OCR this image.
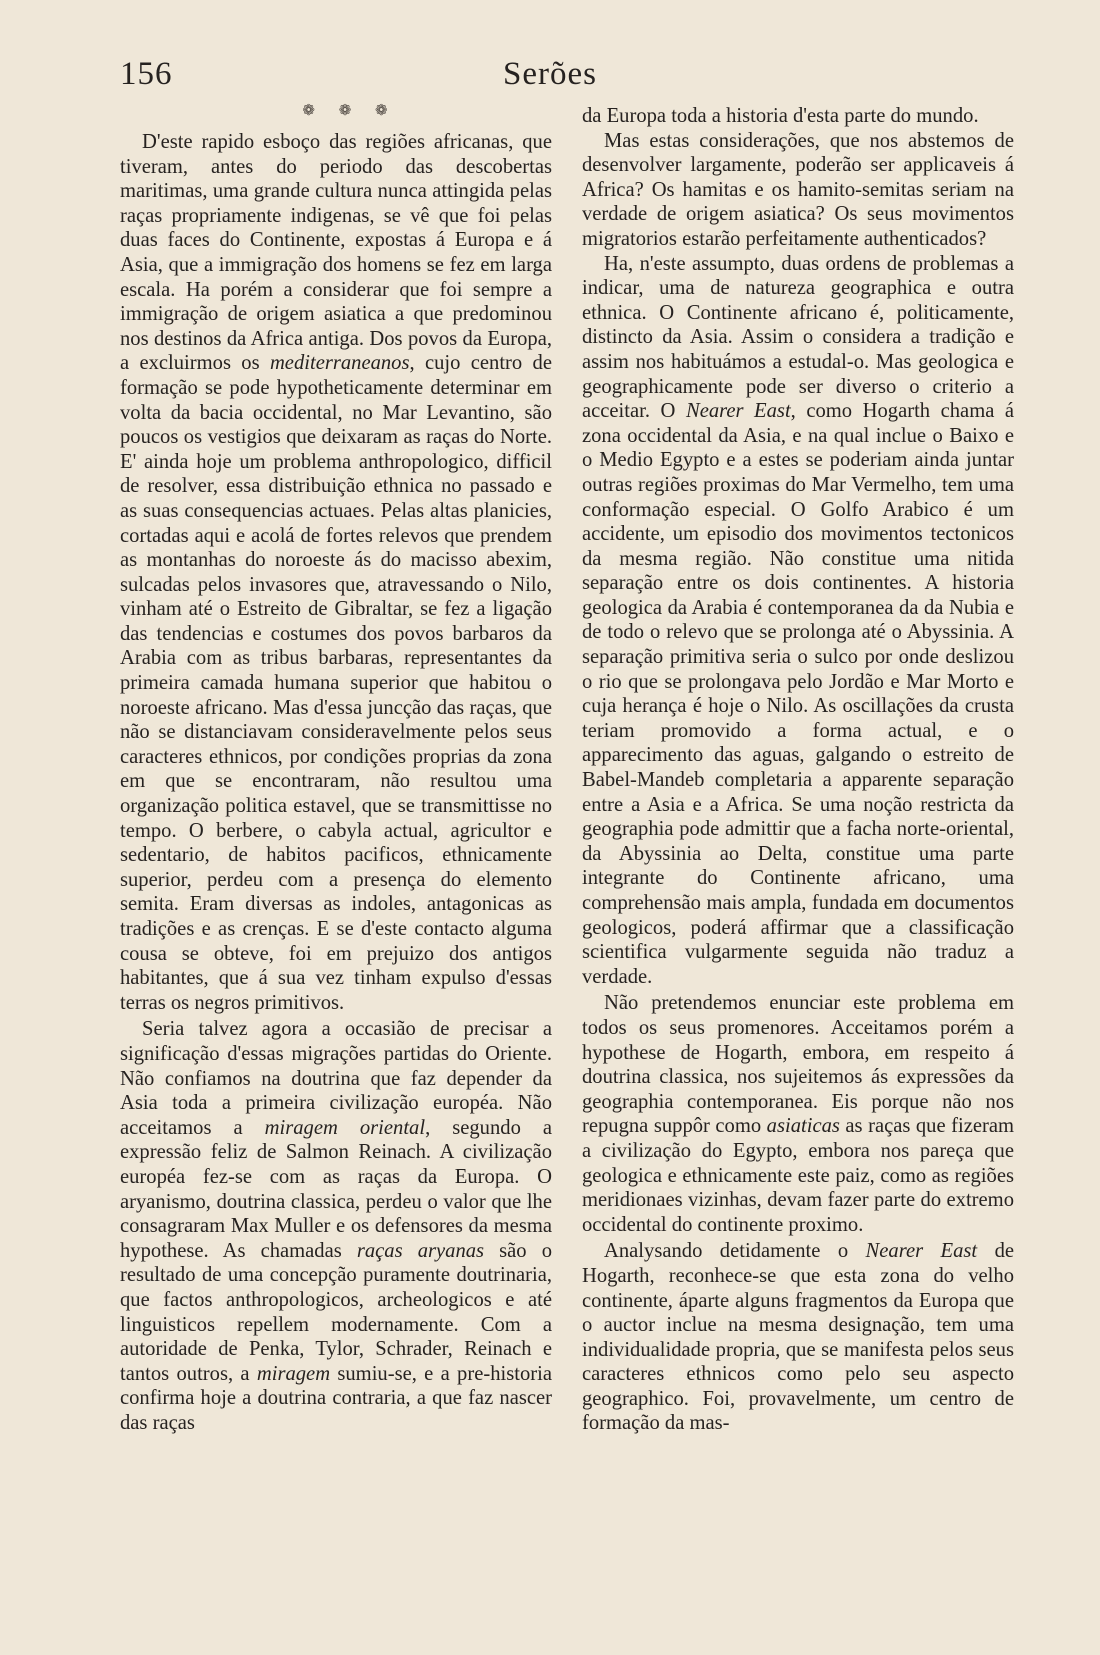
156	Serões
❁ ❁ ❁

D'este rapido esboço das regiões africanas, que tiveram, antes do periodo das descobertas maritimas, uma grande cultura nunca attingida pelas raças propriamente indigenas, se vê que foi pelas duas faces do Continente, expostas á Europa e á Asia, que a immigração dos homens se fez em larga escala. Ha porém a considerar que foi sempre a immigração de origem asiatica a que predominou nos destinos da Africa antiga. Dos povos da Europa, a excluirmos os mediterraneanos, cujo centro de formação se pode hypotheticamente determinar em volta da bacia occidental, no Mar Levantino, são poucos os vestigios que deixaram as raças do Norte. E' ainda hoje um problema anthropologico, difficil de resolver, essa distribuição ethnica no passado e as suas consequencias actuaes. Pelas altas planicies, cortadas aqui e acolá de fortes relevos que prendem as montanhas do noroeste ás do macisso abexim, sulcadas pelos invasores que, atravessando o Nilo, vinham até o Estreito de Gibraltar, se fez a ligação das tendencias e costumes dos povos barbaros da Arabia com as tribus barbaras, representantes da primeira camada humana superior que habitou o noroeste africano. Mas d'essa juncção das raças, que não se distanciavam consideravelmente pelos seus caracteres ethnicos, por condições proprias da zona em que se encontraram, não resultou uma organização politica estavel, que se transmittisse no tempo. O berbere, o cabyla actual, agricultor e sedentario, de habitos pacificos, ethnicamente superior, perdeu com a presença do elemento semita. Eram diversas as indoles, antagonicas as tradições e as crenças. E se d'este contacto alguma cousa se obteve, foi em prejuizo dos antigos habitantes, que á sua vez tinham expulso d'essas terras os negros primitivos.

Seria talvez agora a occasião de precisar a significação d'essas migrações partidas do Oriente. Não confiamos na doutrina que faz depender da Asia toda a primeira civilização européa. Não acceitamos a miragem oriental, segundo a expressão feliz de Salmon Reinach. A civilização européa fez-se com as raças da Europa. O aryanismo, doutrina classica, perdeu o valor que lhe consagraram Max Muller e os defensores da mesma hypothese. As chamadas raças aryanas são o resultado de uma concepção puramente doutrinaria, que factos anthropologicos, archeologicos e até linguisticos repellem modernamente. Com a autoridade de Penka, Tylor, Schrader, Reinach e tantos outros, a miragem sumiu-se, e a pre-historia confirma hoje a doutrina contraria, a que faz nascer das raças

da Europa toda a historia d'esta parte do mundo.

Mas estas considerações, que nos abstemos de desenvolver largamente, poderão ser applicaveis á Africa? Os hamitas e os hamito-semitas seriam na verdade de origem asiatica? Os seus movimentos migratorios estarão perfeitamente authenticados?

Ha, n'este assumpto, duas ordens de problemas a indicar, uma de natureza geographica e outra ethnica. O Continente africano é, politicamente, distincto da Asia. Assim o considera a tradição e assim nos habituámos a estudal-o. Mas geologica e geographicamente pode ser diverso o criterio a acceitar. O Nearer East, como Hogarth chama á zona occidental da Asia, e na qual inclue o Baixo e o Medio Egypto e a estes se poderiam ainda juntar outras regiões proximas do Mar Vermelho, tem uma conformação especial. O Golfo Arabico é um accidente, um episodio dos movimentos tectonicos da mesma região. Não constitue uma nitida separação entre os dois continentes. A historia geologica da Arabia é contemporanea da da Nubia e de todo o relevo que se prolonga até o Abyssinia. A separação primitiva seria o sulco por onde deslizou o rio que se prolongava pelo Jordão e Mar Morto e cuja herança é hoje o Nilo. As oscillações da crusta teriam promovido a forma actual, e o apparecimento das aguas, galgando o estreito de Babel-Mandeb completaria a apparente separação entre a Asia e a Africa. Se uma noção restricta da geographia pode admittir que a facha norte-oriental, da Abyssinia ao Delta, constitue uma parte integrante do Continente africano, uma comprehensão mais ampla, fundada em documentos geologicos, poderá affirmar que a classificação scientifica vulgarmente seguida não traduz a verdade.

Não pretendemos enunciar este problema em todos os seus promenores. Acceitamos porém a hypothese de Hogarth, embora, em respeito á doutrina classica, nos sujeitemos ás expressões da geographia contemporanea. Eis porque não nos repugna suppôr como asiaticas as raças que fizeram a civilização do Egypto, embora nos pareça que geologica e ethnicamente este paiz, como as regiões meridionaes vizinhas, devam fazer parte do extremo occidental do continente proximo.

Analysando detidamente o Nearer East de Hogarth, reconhece-se que esta zona do velho continente, áparte alguns fragmentos da Europa que o auctor inclue na mesma designação, tem uma individualidade propria, que se manifesta pelos seus caracteres ethnicos como pelo seu aspecto geographico. Foi, provavelmente, um centro de formação da mas-
